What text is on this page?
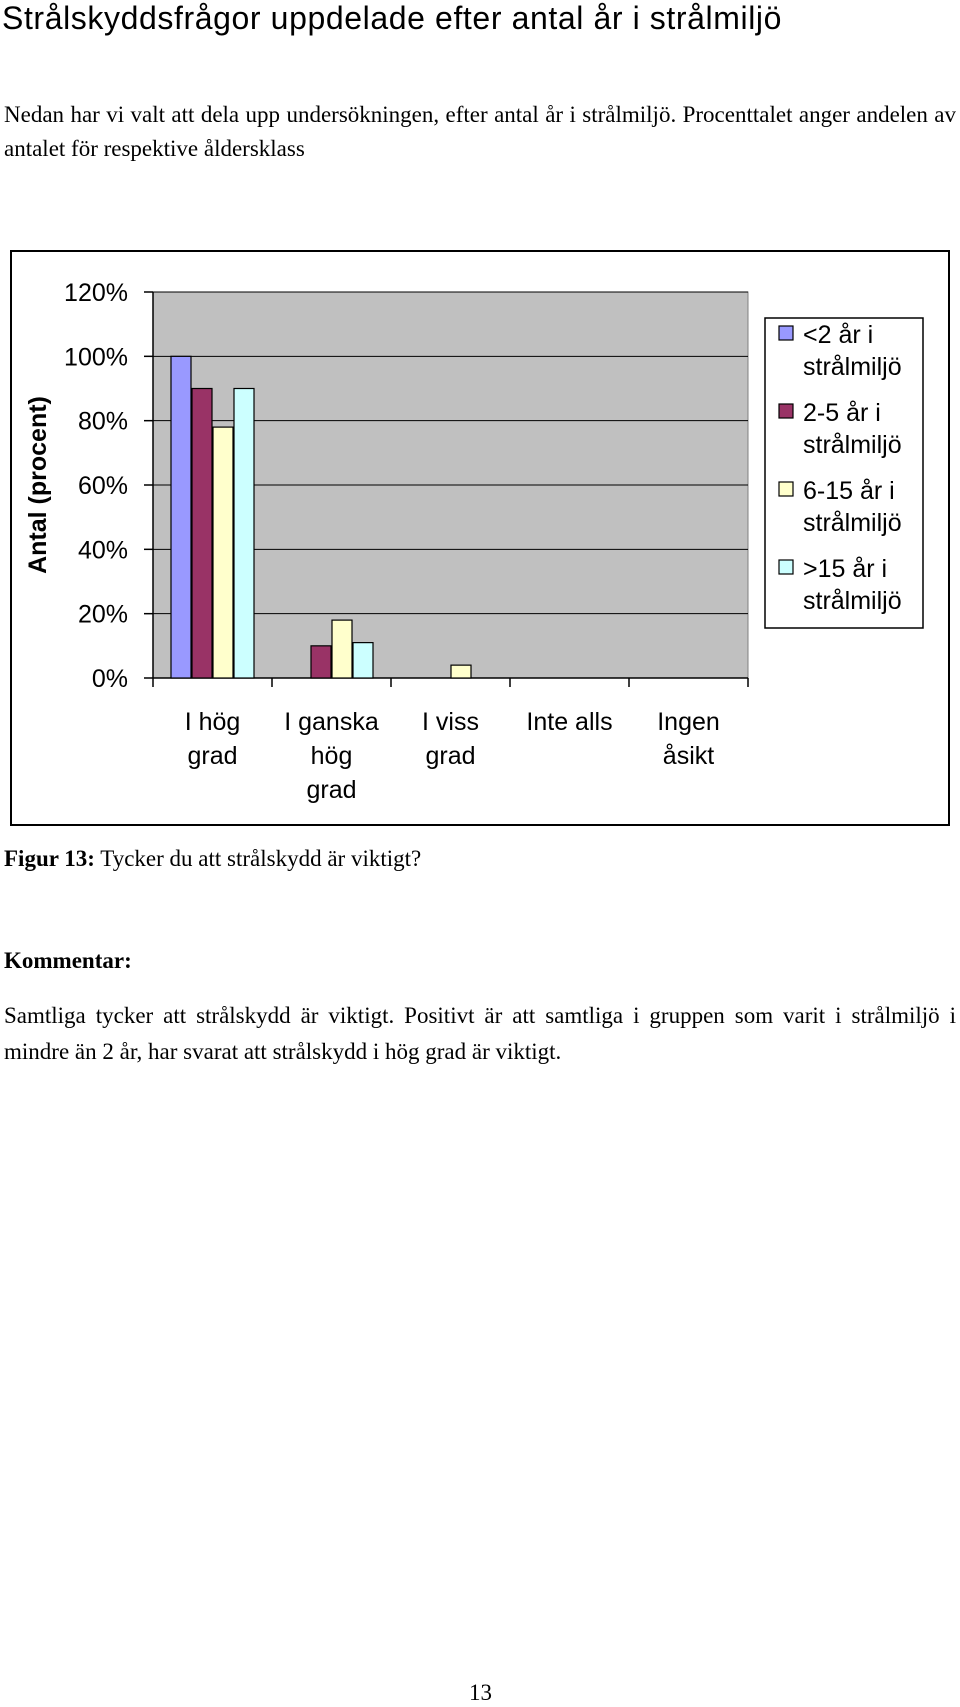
Strålskyddsfrågor uppdelade efter antal år i strålmiljö
Nedan har vi valt att dela upp undersökningen, efter antal år i strålmiljö. Procenttalet anger andelen av antalet för respektive åldersklass
0%
20%
40%
60%
80%
100%
120%
Antal (procent)
I hög
grad
I ganska
hög
grad
I viss
grad
Inte alls Ingen
åsikt
<2 år i
strålmiljö
2-5 år i
strålmiljö
6-15 år i
strålmiljö
>15 år i
strålmiljö
Figur 13: Tycker du att strålskydd är viktigt?
Kommentar:
Samtliga tycker att strålskydd är viktigt. Positivt är att samtliga i gruppen som varit i strålmiljö i mindre än 2 år, har svarat att strålskydd i hög grad är viktigt.
13
